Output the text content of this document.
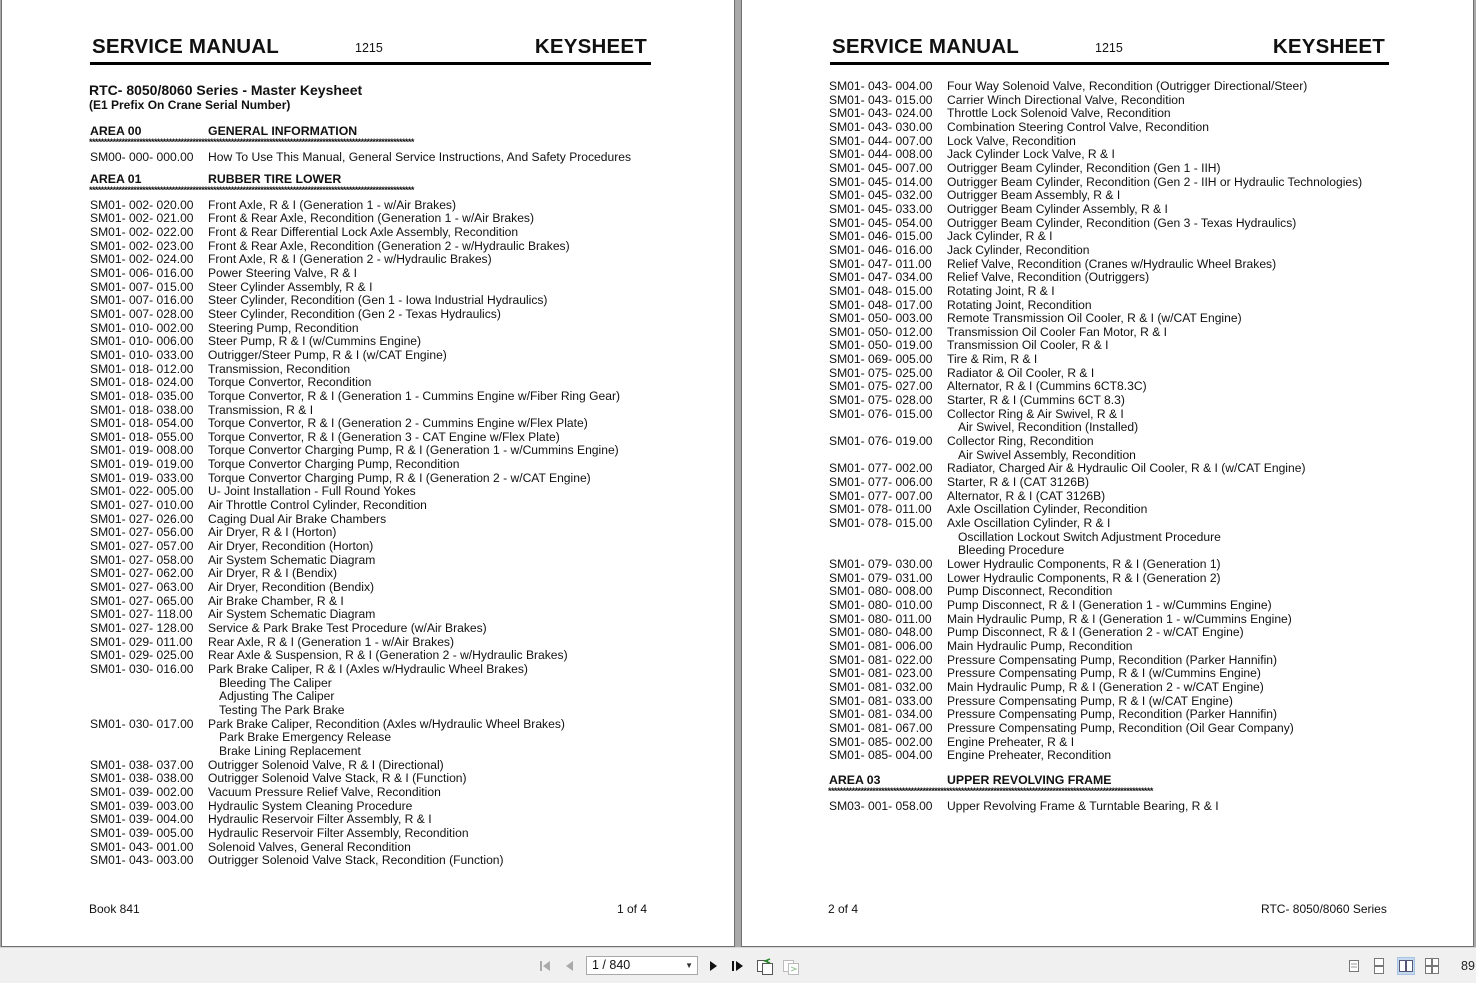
SERVICE MANUAL	1215	KEYSHEET
RTC- 8050/8060 Series - Master Keysheet
(E1 Prefix On Crane Serial Number)
AREA 00	GENERAL INFORMATION
**************************************************************************************************************
SM00- 000- 000.00	How To Use This Manual, General Service Instructions, And Safety Procedures
AREA 01	RUBBER TIRE LOWER
**************************************************************************************************************
SM01- 002- 020.00	Front Axle, R & I (Generation 1 - w/Air Brakes)
SM01- 002- 021.00	Front & Rear Axle, Recondition (Generation 1 - w/Air Brakes)
SM01- 002- 022.00	Front & Rear Differential Lock Axle Assembly, Recondition
SM01- 002- 023.00	Front & Rear Axle, Recondition (Generation 2 - w/Hydraulic Brakes)
SM01- 002- 024.00	Front Axle, R & I (Generation 2 - w/Hydraulic Brakes)
SM01- 006- 016.00	Power Steering Valve, R & I
SM01- 007- 015.00	Steer Cylinder Assembly, R & I
SM01- 007- 016.00	Steer Cylinder, Recondition (Gen 1 - Iowa Industrial Hydraulics)
SM01- 007- 028.00	Steer Cylinder, Recondition (Gen 2 - Texas Hydraulics)
SM01- 010- 002.00	Steering Pump, Recondition
SM01- 010- 006.00	Steer Pump, R & I (w/Cummins Engine)
SM01- 010- 033.00	Outrigger/Steer Pump, R & I (w/CAT Engine)
SM01- 018- 012.00	Transmission, Recondition
SM01- 018- 024.00	Torque Convertor, Recondition
SM01- 018- 035.00	Torque Convertor, R & I (Generation 1 - Cummins Engine w/Fiber Ring Gear)
SM01- 018- 038.00	Transmission, R & I
SM01- 018- 054.00	Torque Convertor, R & I (Generation 2 - Cummins Engine w/Flex Plate)
SM01- 018- 055.00	Torque Convertor, R & I (Generation 3 - CAT Engine w/Flex Plate)
SM01- 019- 008.00	Torque Convertor Charging Pump, R & I (Generation 1 - w/Cummins Engine)
SM01- 019- 019.00	Torque Convertor Charging Pump, Recondition
SM01- 019- 033.00	Torque Convertor Charging Pump, R & I (Generation 2 - w/CAT Engine)
SM01- 022- 005.00	U- Joint Installation - Full Round Yokes
SM01- 027- 010.00	Air Throttle Control Cylinder, Recondition
SM01- 027- 026.00	Caging Dual Air Brake Chambers
SM01- 027- 056.00	Air Dryer, R & I (Horton)
SM01- 027- 057.00	Air Dryer, Recondition (Horton)
SM01- 027- 058.00	Air System Schematic Diagram
SM01- 027- 062.00	Air Dryer, R & I (Bendix)
SM01- 027- 063.00	Air Dryer, Recondition (Bendix)
SM01- 027- 065.00	Air Brake Chamber, R & I
SM01- 027- 118.00	Air System Schematic Diagram
SM01- 027- 128.00	Service & Park Brake Test Procedure (w/Air Brakes)
SM01- 029- 011.00	Rear Axle, R & I (Generation 1 - w/Air Brakes)
SM01- 029- 025.00	Rear Axle & Suspension, R & I (Generation 2 - w/Hydraulic Brakes)
SM01- 030- 016.00	Park Brake Caliper, R & I (Axles w/Hydraulic Wheel Brakes)
Bleeding The Caliper
Adjusting The Caliper
Testing The Park Brake
SM01- 030- 017.00	Park Brake Caliper, Recondition (Axles w/Hydraulic Wheel Brakes)
Park Brake Emergency Release
Brake Lining Replacement
SM01- 038- 037.00	Outrigger Solenoid Valve, R & I (Directional)
SM01- 038- 038.00	Outrigger Solenoid Valve Stack, R & I (Function)
SM01- 039- 002.00	Vacuum Pressure Relief Valve, Recondition
SM01- 039- 003.00	Hydraulic System Cleaning Procedure
SM01- 039- 004.00	Hydraulic Reservoir Filter Assembly, R & I
SM01- 039- 005.00	Hydraulic Reservoir Filter Assembly, Recondition
SM01- 043- 001.00	Solenoid Valves, General Recondition
SM01- 043- 003.00	Outrigger Solenoid Valve Stack, Recondition (Function)
Book 841	1 of 4
SERVICE MANUAL	1215	KEYSHEET
SM01- 043- 004.00	Four Way Solenoid Valve, Recondition (Outrigger Directional/Steer)
SM01- 043- 015.00	Carrier Winch Directional Valve, Recondition
SM01- 043- 024.00	Throttle Lock Solenoid Valve, Recondition
SM01- 043- 030.00	Combination Steering Control Valve, Recondition
SM01- 044- 007.00	Lock Valve, Recondition
SM01- 044- 008.00	Jack Cylinder Lock Valve, R & I
SM01- 045- 007.00	Outrigger Beam Cylinder, Recondition (Gen 1 - IIH)
SM01- 045- 014.00	Outrigger Beam Cylinder, Recondition (Gen 2 - IIH or Hydraulic Technologies)
SM01- 045- 032.00	Outrigger Beam Assembly, R & I
SM01- 045- 033.00	Outrigger Beam Cylinder Assembly, R & I
SM01- 045- 054.00	Outrigger Beam Cylinder, Recondition (Gen 3 - Texas Hydraulics)
SM01- 046- 015.00	Jack Cylinder, R & I
SM01- 046- 016.00	Jack Cylinder, Recondition
SM01- 047- 011.00	Relief Valve, Recondition (Cranes w/Hydraulic Wheel Brakes)
SM01- 047- 034.00	Relief Valve, Recondition (Outriggers)
SM01- 048- 015.00	Rotating Joint, R & I
SM01- 048- 017.00	Rotating Joint, Recondition
SM01- 050- 003.00	Remote Transmission Oil Cooler, R & I (w/CAT Engine)
SM01- 050- 012.00	Transmission Oil Cooler Fan Motor, R & I
SM01- 050- 019.00	Transmission Oil Cooler, R & I
SM01- 069- 005.00	Tire & Rim, R & I
SM01- 075- 025.00	Radiator & Oil Cooler, R & I
SM01- 075- 027.00	Alternator, R & I (Cummins 6CT8.3C)
SM01- 075- 028.00	Starter, R & I (Cummins 6CT 8.3)
SM01- 076- 015.00	Collector Ring & Air Swivel, R & I
Air Swivel, Recondition (Installed)
SM01- 076- 019.00	Collector Ring, Recondition
Air Swivel Assembly, Recondition
SM01- 077- 002.00	Radiator, Charged Air & Hydraulic Oil Cooler, R & I (w/CAT Engine)
SM01- 077- 006.00	Starter, R & I (CAT 3126B)
SM01- 077- 007.00	Alternator, R & I (CAT 3126B)
SM01- 078- 011.00	Axle Oscillation Cylinder, Recondition
SM01- 078- 015.00	Axle Oscillation Cylinder, R & I
Oscillation Lockout Switch Adjustment Procedure
Bleeding Procedure
SM01- 079- 030.00	Lower Hydraulic Components, R & I (Generation 1)
SM01- 079- 031.00	Lower Hydraulic Components, R & I (Generation 2)
SM01- 080- 008.00	Pump Disconnect, Recondition
SM01- 080- 010.00	Pump Disconnect, R & I (Generation 1 - w/Cummins Engine)
SM01- 080- 011.00	Main Hydraulic Pump, R & I (Generation 1 - w/Cummins Engine)
SM01- 080- 048.00	Pump Disconnect, R & I (Generation 2 - w/CAT Engine)
SM01- 081- 006.00	Main Hydraulic Pump, Recondition
SM01- 081- 022.00	Pressure Compensating Pump, Recondition (Parker Hannifin)
SM01- 081- 023.00	Pressure Compensating Pump, R & I (w/Cummins Engine)
SM01- 081- 032.00	Main Hydraulic Pump, R & I (Generation 2 - w/CAT Engine)
SM01- 081- 033.00	Pressure Compensating Pump, R & I (w/CAT Engine)
SM01- 081- 034.00	Pressure Compensating Pump, Recondition (Parker Hannifin)
SM01- 081- 067.00	Pressure Compensating Pump, Recondition (Oil Gear Company)
SM01- 085- 002.00	Engine Preheater, R & I
SM01- 085- 004.00	Engine Preheater, Recondition
AREA 03	UPPER REVOLVING FRAME
**************************************************************************************************************
SM03- 001- 058.00	Upper Revolving Frame & Turntable Bearing, R & I
2 of 4	RTC- 8050/8060 Series
1 / 840	▼	89
